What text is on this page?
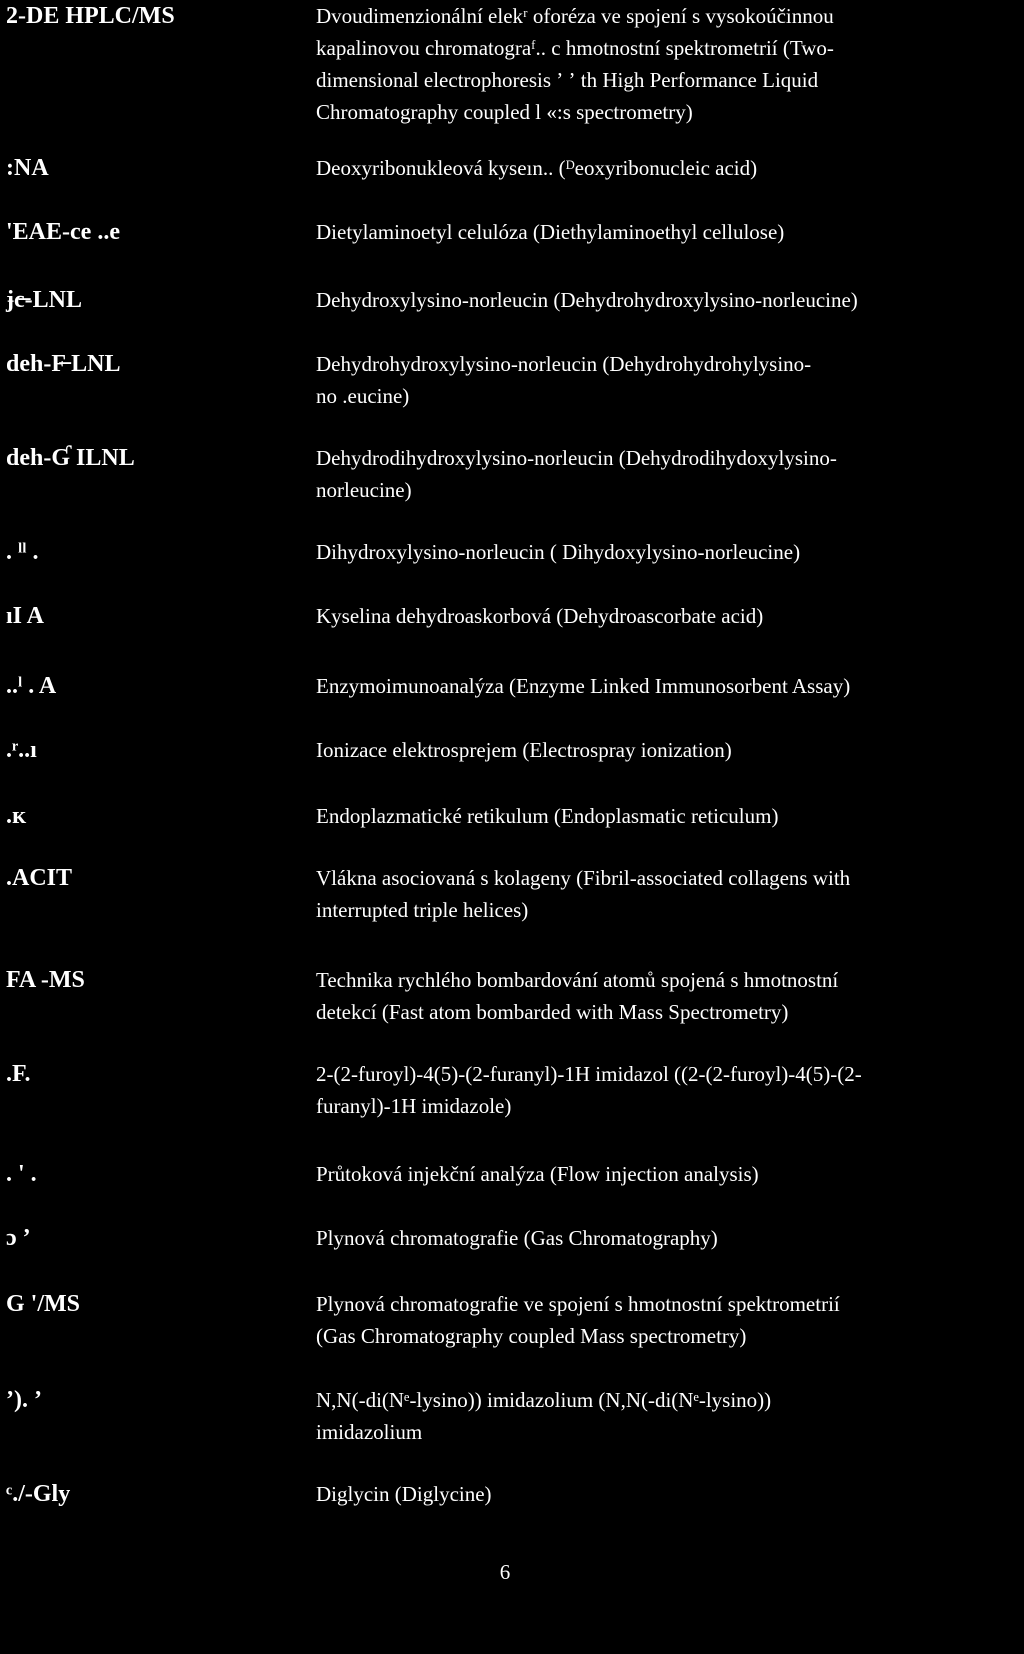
2-DE HPLC/MS	Dvoudimenzionální elekʳ oforéza ve spojení s vysokoúčinnou
kapalinovou chromatograᶠ.. c hmotnostní spektrometrií (Two-
dimensional electrophoresis ʼ ʼ th High Performance Liquid
Chromatography coupled l «:s spectrometry)
:NA	Deoxyribonukleová kyseın.. (ᴰeoxyribonucleic acid)
'EAE-ce ..e	Dietylaminoetyl celulóza (Diethylaminoethyl cellulose)
ɉc̶-LNL	Dehydroxylysino-norleucin (Dehydrohydroxylysino-norleucine)
deh-F̶ LNL	Dehydrohydroxylysino-norleucin (Dehydrohydrohylysino-
no .eucine)
deh-Ɠ ILNL	Dehydrodihydroxylysino-norleucin (Dehydrodihydoxylysino-
norleucine)
. ˡˡ .	Dihydroxylysino-norleucin ( Dihydoxylysino-norleucine)
ıI A	Kyselina dehydroaskorbová (Dehydroascorbate acid)
..ˡ . A	Enzymoimunoanalýza (Enzyme Linked Immunosorbent Assay)
.ʳ..ı	Ionizace elektrosprejem (Electrospray ionization)
.ᴋ	Endoplazmatické retikulum (Endoplasmatic reticulum)
.ACIT	Vlákna asociovaná s kolageny (Fibril-associated collagens with
interrupted triple helices)
FA -MS	Technika rychlého bombardování atomů spojená s hmotnostní
detekcí (Fast atom bombarded with Mass Spectrometry)
.F.	2-(2-furoyl)-4(5)-(2-furanyl)-1H imidazol ((2-(2-furoyl)-4(5)-(2-
furanyl)-1H imidazole)
. ' .	Průtoková injekční analýza (Flow injection analysis)
ɔ ʼ	Plynová chromatografie (Gas Chromatography)
G '/MS	Plynová chromatografie ve spojení s hmotnostní spektrometrií
(Gas Chromatography coupled Mass spectrometry)
ʼ). ʼ	N,N(-di(Nᵉ-lysino)) imidazolium (N,N(-di(Nᵉ-lysino))
imidazolium
ᶜ./-Gly	Diglycin (Diglycine)
6
